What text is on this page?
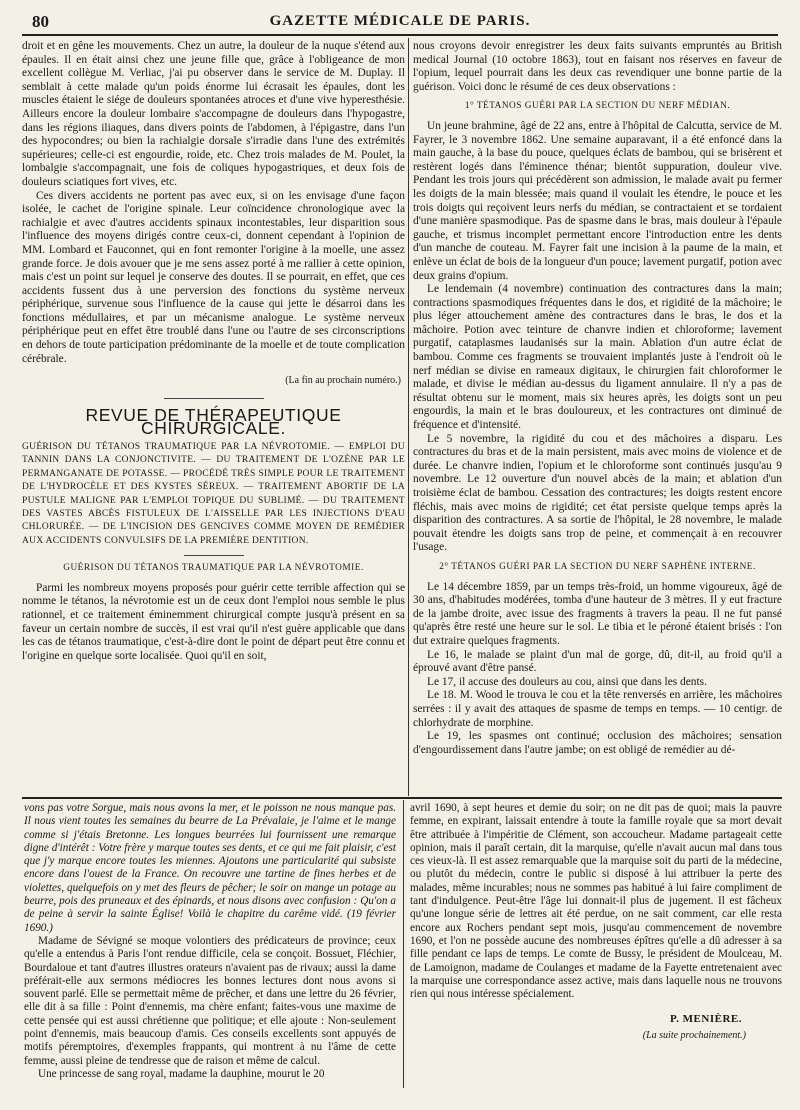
80	GAZETTE MÉDICALE DE PARIS.

droit et en gêne les mouvements. Chez un autre, la douleur de la nuque s'étend aux épaules. Il en était ainsi chez une jeune fille que, grâce à l'obligeance de mon excellent collègue M. Verliac, j'ai pu observer dans le service de M. Duplay. Il semblait à cette malade qu'un poids énorme lui écrasait les épaules, dont les muscles étaient le siége de douleurs spontanées atroces et d'une vive hyperesthésie. Ailleurs encore la douleur lombaire s'accompagne de douleurs dans l'hypogastre, dans les régions iliaques, dans divers points de l'abdomen, à l'épigastre, dans l'un des hypocondres; ou bien la rachialgie dorsale s'irradie dans l'une des extrémités supérieures; celle-ci est engourdie, roide, etc. Chez trois malades de M. Poulet, la lombalgie s'accompagnait, une fois de coliques hypogastriques, et deux fois de douleurs sciatiques fort vives, etc.

Ces divers accidents ne portent pas avec eux, si on les envisage d'une façon isolée, le cachet de l'origine spinale. Leur coïncidence chronologique avec la rachialgie et avec d'autres accidents spinaux incontestables, leur disparition sous l'influence des moyens dirigés contre ceux-ci, donnent cependant à l'opinion de MM. Lombard et Fauconnet, qui en font remonter l'origine à la moelle, une assez grande force. Je dois avouer que je me sens assez porté à me rallier à cette opinion, mais c'est un point sur lequel je conserve des doutes. Il se pourrait, en effet, que ces accidents fussent dus à une perversion des fonctions du système nerveux périphérique, survenue sous l'influence de la cause qui jette le désarroi dans les fonctions médullaires, et par un mécanisme analogue. Le système nerveux périphérique peut en effet être troublé dans l'une ou l'autre de ses circonscriptions en dehors de toute participation prédominante de la moelle et de toute complication cérébrale.

(La fin au prochain numéro.)

REVUE DE THÉRAPEUTIQUE CHIRURGICALE.

GUÉRISON DU TÉTANOS TRAUMATIQUE PAR LA NÉVROTOMIE. — EMPLOI DU TANNIN DANS LA CONJONCTIVITE. — DU TRAITEMENT DE L'OZÈNE PAR LE PERMANGANATE DE POTASSE. — PROCÉDÉ TRÈS SIMPLE POUR LE TRAITEMENT DE L'HYDROCÈLE ET DES KYSTES SÉREUX. — TRAITEMENT ABORTIF DE LA PUSTULE MALIGNE PAR L'EMPLOI TOPIQUE DU SUBLIMÉ. — DU TRAITEMENT DES VASTES ABCÈS FISTULEUX DE L'AISSELLE PAR LES INJECTIONS D'EAU CHLORURÉE. — DE L'INCISION DES GENCIVES COMME MOYEN DE REMÉDIER AUX ACCIDENTS CONVULSIFS DE LA PREMIÈRE DENTITION.

GUÉRISON DU TÉTANOS TRAUMATIQUE PAR LA NÉVROTOMIE.

Parmi les nombreux moyens proposés pour guérir cette terrible affection qui se nomme le tétanos, la névrotomie est un de ceux dont l'emploi nous semble le plus rationnel, et ce traitement éminemment chirurgical compte jusqu'à présent en sa faveur un certain nombre de succès, il est vrai qu'il n'est guère applicable que dans les cas de tétanos traumatique, c'est-à-dire dont le point de départ peut être connu et l'origine en quelque sorte localisée. Quoi qu'il en soit,

nous croyons devoir enregistrer les deux faits suivants empruntés au British medical Journal (10 octobre 1863), tout en faisant nos réserves en faveur de l'opium, lequel pourrait dans les deux cas revendiquer une bonne partie de la guérison. Voici donc le résumé de ces deux observations :

1° TÉTANOS GUÉRI PAR LA SECTION DU NERF MÉDIAN.

Un jeune brahmine, âgé de 22 ans, entre à l'hôpital de Calcutta, service de M. Fayrer, le 3 novembre 1862. Une semaine auparavant, il a été enfoncé dans la main gauche, à la base du pouce, quelques éclats de bambou, qui se brisèrent et restèrent logés dans l'éminence thénar; bientôt suppuration, douleur vive. Pendant les trois jours qui précédèrent son admission, le malade avait pu fermer les doigts de la main blessée; mais quand il voulait les étendre, le pouce et les trois doigts qui reçoivent leurs nerfs du médian, se contractaient et se tordaient d'une manière spasmodique. Pas de spasme dans le bras, mais douleur à l'épaule gauche, et trismus incomplet permettant encore l'introduction entre les dents d'un manche de couteau. M. Fayrer fait une incision à la paume de la main, et enlève un éclat de bois de la longueur d'un pouce; lavement purgatif, potion avec deux grains d'opium.

Le lendemain (4 novembre) continuation des contractures dans la main; contractions spasmodiques fréquentes dans le dos, et rigidité de la mâchoire; le plus léger attouchement amène des contractures dans le bras, le dos et la mâchoire. Potion avec teinture de chanvre indien et chloroforme; lavement purgatif, cataplasmes laudanisés sur la main. Ablation d'un autre éclat de bambou. Comme ces fragments se trouvaient implantés juste à l'endroit où le nerf médian se divise en rameaux digitaux, le chirurgien fait chloroformer le malade, et divise le médian au-dessus du ligament annulaire. Il n'y a pas de résultat obtenu sur le moment, mais six heures après, les doigts sont un peu engourdis, la main et le bras douloureux, et les contractures ont diminué de fréquence et d'intensité.

Le 5 novembre, la rigidité du cou et des mâchoires a disparu. Les contractures du bras et de la main persistent, mais avec moins de violence et de durée. Le chanvre indien, l'opium et le chloroforme sont continués jusqu'au 9 novembre. Le 12 ouverture d'un nouvel abcès de la main; et ablation d'un troisième éclat de bambou. Cessation des contractures; les doigts restent encore fléchis, mais avec moins de rigidité; cet état persiste quelque temps après la disparition des contractures. A sa sortie de l'hôpital, le 28 novembre, le malade pouvait étendre les doigts sans trop de peine, et commençait à en recouvrer l'usage.

2° TÉTANOS GUÉRI PAR LA SECTION DU NERF SAPHÈNE INTERNE.

Le 14 décembre 1859, par un temps très-froid, un homme vigoureux, âgé de 30 ans, d'habitudes modérées, tomba d'une hauteur de 3 mètres. Il y eut fracture de la jambe droite, avec issue des fragments à travers la peau. Il ne fut pansé qu'après être resté une heure sur le sol. Le tibia et le péroné étaient brisés : l'on dut extraire quelques fragments.

Le 16, le malade se plaint d'un mal de gorge, dû, dit-il, au froid qu'il a éprouvé avant d'être pansé.

Le 17, il accuse des douleurs au cou, ainsi que dans les dents.

Le 18. M. Wood le trouva le cou et la tête renversés en arrière, les mâchoires serrées : il y avait des attaques de spasme de temps en temps. — 10 centigr. de chlorhydrate de morphine.

Le 19, les spasmes ont continué; occlusion des mâchoires; sensation d'engourdissement dans l'autre jambe; on est obligé de remédier au dé-

vons pas votre Sorgue, mais nous avons la mer, et le poisson ne nous manque pas. Il nous vient toutes les semaines du beurre de La Prévalaie, je l'aime et le mange comme si j'étais Bretonne. Les longues beurrées lui fournissent une remarque digne d'intérêt : Votre frère y marque toutes ses dents, et ce qui me fait plaisir, c'est que j'y marque encore toutes les miennes. Ajoutons une particularité qui subsiste encore dans l'ouest de la France. On recouvre une tartine de fines herbes et de violettes, quelquefois on y met des fleurs de pêcher; le soir on mange un potage au beurre, pois des pruneaux et des épinards, et nous disons avec confusion : Qu'on a de peine à servir la sainte Église! Voilà le chapitre du carême vidé. (19 février 1690.)

Madame de Sévigné se moque volontiers des prédicateurs de province; ceux qu'elle a entendus à Paris l'ont rendue difficile, cela se conçoit. Bossuet, Fléchier, Bourdaloue et tant d'autres illustres orateurs n'avaient pas de rivaux; aussi la dame préférait-elle aux sermons médiocres les bonnes lectures dont nous avons si souvent parlé. Elle se permettait même de prêcher, et dans une lettre du 26 février, elle dit à sa fille : Point d'ennemis, ma chère enfant; faites-vous une maxime de cette pensée qui est aussi chrétienne que politique; et elle ajoute : Non-seulement point d'ennemis, mais beaucoup d'amis. Ces conseils excellents sont appuyés de motifs péremptoires, d'exemples frappants, qui montrent à nu l'âme de cette femme, aussi pleine de tendresse que de raison et même de calcul.

Une princesse de sang royal, madame la dauphine, mourut le 20

avril 1690, à sept heures et demie du soir; on ne dit pas de quoi; mais la pauvre femme, en expirant, laissait entendre à toute la famille royale que sa mort devait être attribuée à l'impéritie de Clément, son accoucheur. Madame partageait cette opinion, mais il paraît certain, dit la marquise, qu'elle n'avait aucun mal dans tous ces vieux-là. Il est assez remarquable que la marquise soit du parti de la médecine, ou plutôt du médecin, contre le public si disposé à lui attribuer la perte des malades, même incurables; nous ne sommes pas habitué à lui faire compliment de tant d'indulgence. Peut-être l'âge lui donnait-il plus de jugement. Il est fâcheux qu'une longue série de lettres ait été perdue, on ne sait comment, car elle resta encore aux Rochers pendant sept mois, jusqu'au commencement de novembre 1690, et l'on ne possède aucune des nombreuses épîtres qu'elle a dû adresser à sa fille pendant ce laps de temps. Le comte de Bussy, le président de Moulceau, M. de Lamoignon, madame de Coulanges et madame de la Fayette entretenaient avec la marquise une correspondance assez active, mais dans laquelle nous ne trouvons rien qui nous intéresse spécialement.

P. MENIÈRE.

(La suite prochainement.)
